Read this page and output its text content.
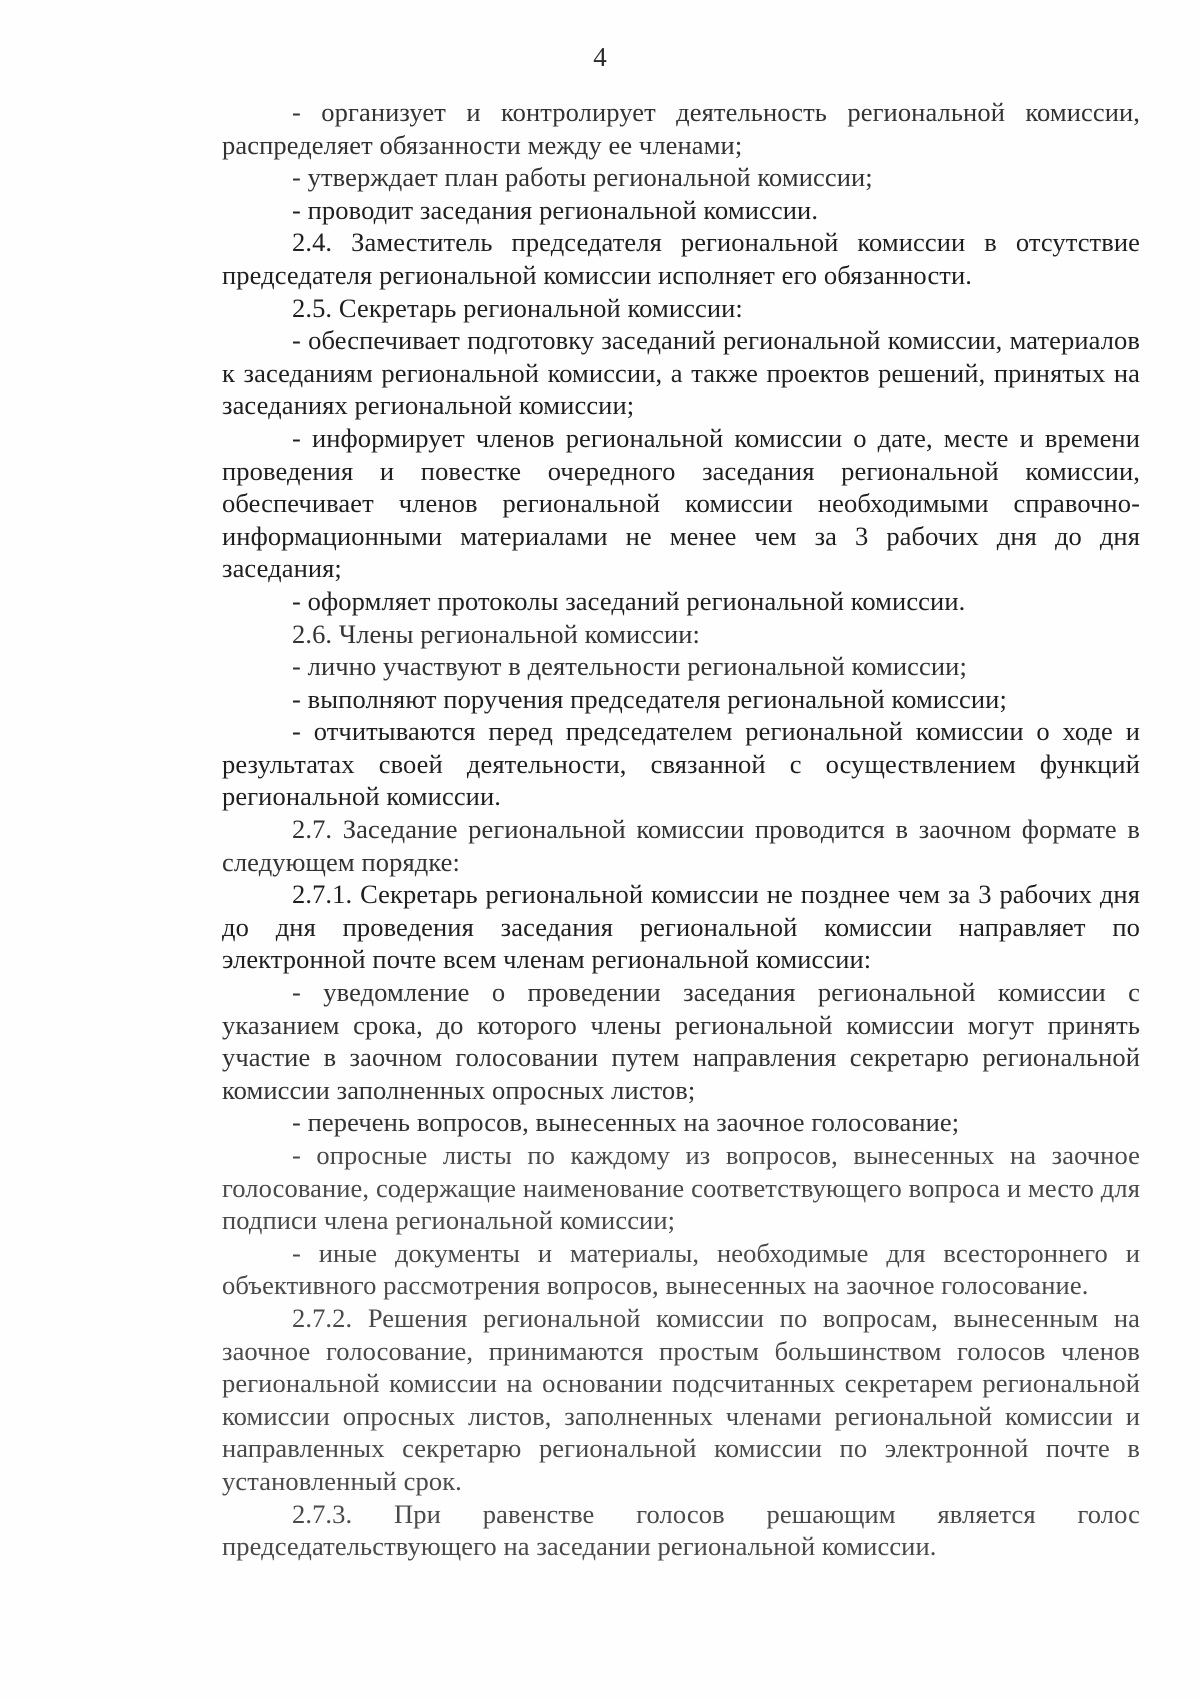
4

- организует и контролирует деятельность региональной комиссии, распределяет обязанности между ее членами;

- утверждает план работы региональной комиссии;

- проводит заседания региональной комиссии.

2.4. Заместитель председателя региональной комиссии в отсутствие председателя региональной комиссии исполняет его обязанности.

2.5. Секретарь региональной комиссии:

- обеспечивает подготовку заседаний региональной комиссии, материалов к заседаниям региональной комиссии, а также проектов решений, принятых на заседаниях региональной комиссии;

- информирует членов региональной комиссии о дате, месте и времени проведения и повестке очередного заседания региональной комиссии, обеспечивает членов региональной комиссии необходимыми справочно-информационными материалами не менее чем за 3 рабочих дня до дня заседания;

- оформляет протоколы заседаний региональной комиссии.

2.6. Члены региональной комиссии:

- лично участвуют в деятельности региональной комиссии;

- выполняют поручения председателя региональной комиссии;

- отчитываются перед председателем региональной комиссии о ходе и результатах своей деятельности, связанной с осуществлением функций региональной комиссии.

2.7. Заседание региональной комиссии проводится в заочном формате в следующем порядке:

2.7.1. Секретарь региональной комиссии не позднее чем за 3 рабочих дня до дня проведения заседания региональной комиссии направляет по электронной почте всем членам региональной комиссии:

- уведомление о проведении заседания региональной комиссии с указанием срока, до которого члены региональной комиссии могут принять участие в заочном голосовании путем направления секретарю региональной комиссии заполненных опросных листов;

- перечень вопросов, вынесенных на заочное голосование;

- опросные листы по каждому из вопросов, вынесенных на заочное голосование, содержащие наименование соответствующего вопроса и место для подписи члена региональной комиссии;

- иные документы и материалы, необходимые для всестороннего и объективного рассмотрения вопросов, вынесенных на заочное голосование.

2.7.2. Решения региональной комиссии по вопросам, вынесенным на заочное голосование, принимаются простым большинством голосов членов региональной комиссии на основании подсчитанных секретарем региональной комиссии опросных листов, заполненных членами региональной комиссии и направленных секретарю региональной комиссии по электронной почте в установленный срок.

2.7.3. При равенстве голосов решающим является голос председательствующего на заседании региональной комиссии.
